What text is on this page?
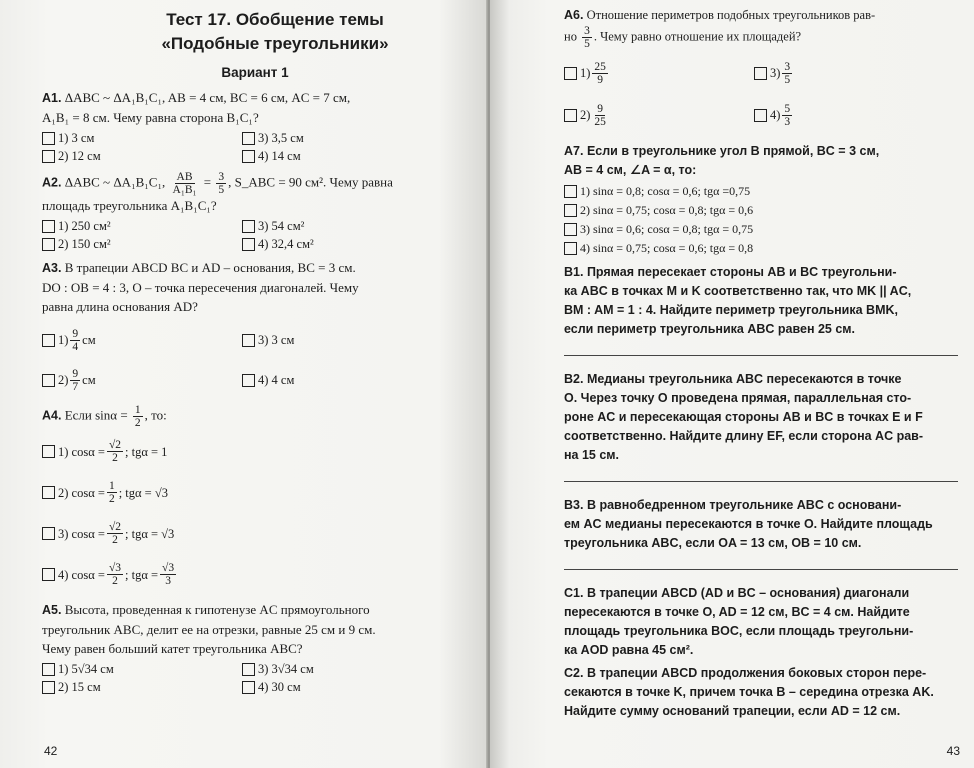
Тест 17. Обобщение темы
«Подобные треугольники»
Вариант 1
A1. ΔABC ~ ΔA₁B₁C₁, AB = 4 см, BC = 6 см, AC = 7 см,
A₁B₁ = 8 см. Чему равна сторона B₁C₁?
1) 3 см	3) 3,5 см
2) 12 см	4) 14 см
A2. ΔABC ~ ΔA₁B₁C₁, $\frac{AB}{\text{A₁B₁}} = \frac{3}{5}$ , S_ABC = 90 см². Чему равна
площадь треугольника A₁B₁C₁?
1) 250 см²	3) 54 см²
2) 150 см²	4) 32,4 см²
A3. В трапеции ABCD BC и AD – основания, BC = 3 см.
DO : OB = 4 : 3, O – точка пересечения диагоналей. Чему
равна длина основания AD?
$1) \frac{9}{4}$ см	3) 3 см
$2) \frac{9}{7}$ см	4) 4 см
A4. Если $\sin\alpha = \frac{1}{2}$ , то:
1) $\cos\alpha = \frac{√2}{2}$ ; tgα = 1
2) $\cos\alpha = \frac{1}{2}$ ; tgα = √3
3) $\cos\alpha = \frac{√2}{2}$ ; tgα = √3
4) $\cos\alpha = \frac{√3}{2}$ ; $tg\alpha = \frac{√3}{3}$
A5. Высота, проведенная к гипотенузе AC прямоугольного
треугольник ABC, делит ее на отрезки, равные 25 см и 9 см.
Чему равен больший катет треугольника ABC?
1) 5√34 см	3) 3√34 см
2) 15 см	4) 30 см
42
A6. Отношение периметров подобных треугольников рав-
но $\frac{3}{5}$ . Чему равно отношение их площадей?
$1) \frac{25}{9}$	$3) \frac{3}{5}$
$2) \frac{9}{25}$	$4) \frac{5}{3}$
A7. Если в треугольнике угол B прямой, BC = 3 см,
AB = 4 см, ∠A = α, то:
1) sinα = 0,8; cosα = 0,6; tgα =0,75
2) sinα = 0,75; cosα = 0,8; tgα = 0,6
3) sinα = 0,6; cosα = 0,8; tgα = 0,75
4) sinα = 0,75; cosα = 0,6; tgα = 0,8
B1. Прямая пересекает стороны AB и BC треугольни-
ка ABC в точках M и K соответственно так, что MK || AC,
BM : AM = 1 : 4. Найдите периметр треугольника BMK,
если периметр треугольника ABC равен 25 см.
B2. Медианы треугольника ABC пересекаются в точке
O. Через точку O проведена прямая, параллельная сто-
роне AC и пересекающая стороны AB и BC в точках E и F
соответственно. Найдите длину EF, если сторона AC рав-
на 15 см.
B3. В равнобедренном треугольнике ABC с основани-
ем AC медианы пересекаются в точке O. Найдите площадь
треугольника ABC, если OA = 13 см, OB = 10 см.
C1. В трапеции ABCD (AD и BC – основания) диагонали
пересекаются в точке O, AD = 12 см, BC = 4 см. Найдите
площадь треугольника BOC, если площадь треугольни-
ка AOD равна 45 см².
C2. В трапеции ABCD продолжения боковых сторон пере-
секаются в точке K, причем точка B – середина отрезка AK.
Найдите сумму оснований трапеции, если AD = 12 см.
43
